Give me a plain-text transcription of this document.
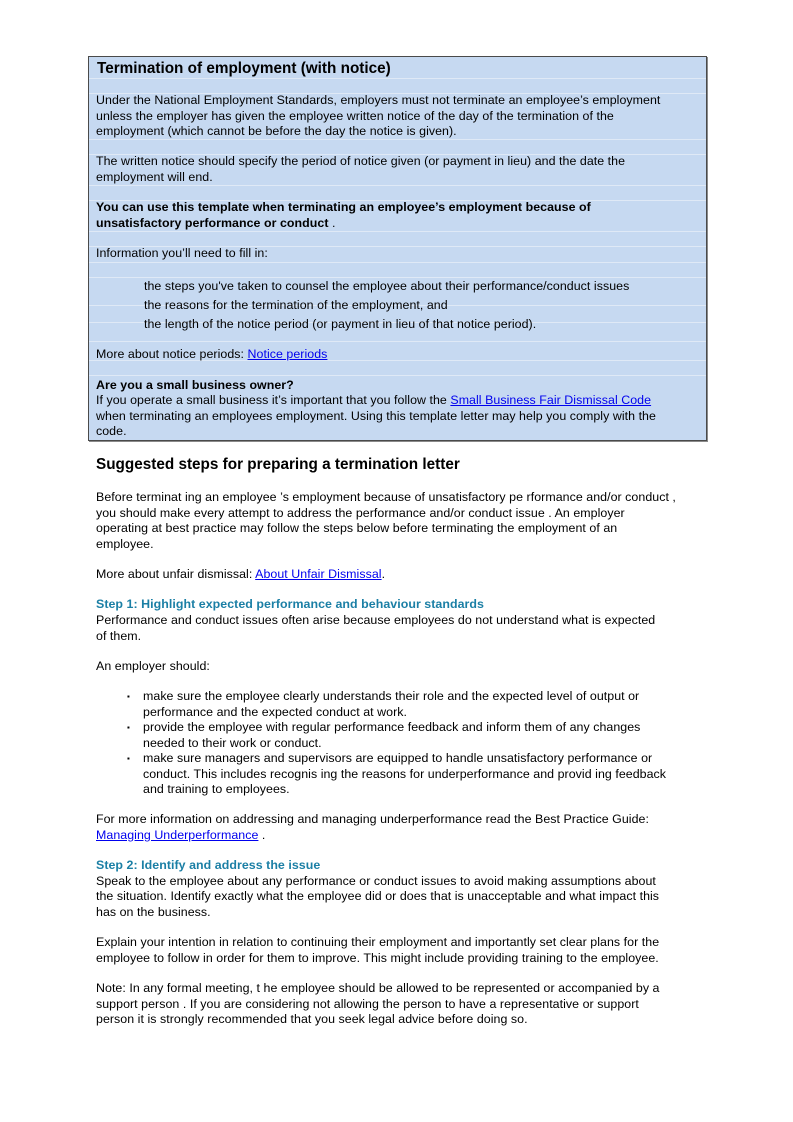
Termination of employment (with notice)
Under the National Employment Standards, employers must not terminate an employee’s employment
unless the employer has given the employee written notice of the day of the termination of the
employment (which cannot be before the day the notice is given).
The written notice should specify the period of notice given (or payment in lieu) and the date the
employment will end.
You can use this template when terminating an employee’s employment because of
unsatisfactory performance or conduct .
Information you’ll need to fill in:
the steps you've taken to counsel the employee about their performance/conduct issues
the reasons for the termination of the employment, and
the length of the notice period (or payment in lieu of that notice period).
More about notice periods: Notice periods
Are you a small business owner?
If you operate a small business it’s important that you follow the Small Business Fair Dismissal Code
when terminating an employees employment. Using this template letter may help you comply with the
code.
Suggested steps for preparing a termination letter
Before terminat ing an employee ’s employment because of unsatisfactory pe rformance and/or conduct ,
you should make every attempt to address the performance and/or conduct issue . An employer
operating at best practice may follow the steps below before terminating the employment of an
employee.
More about unfair dismissal: About Unfair Dismissal.
Step 1: Highlight expected performance and behaviour standards
Performance and conduct issues often arise because employees do not understand what is expected
of them.
An employer should:
▪ make sure the employee clearly understands their role and the expected level of output or
performance and the expected conduct at work.
▪ provide the employee with regular performance feedback and inform them of any changes
needed to their work or conduct.
▪ make sure managers and supervisors are equipped to handle unsatisfactory performance or
conduct. This includes recognis ing the reasons for underperformance and provid ing feedback
and training to employees.
For more information on addressing and managing underperformance read the Best Practice Guide:
Managing Underperformance .
Step 2: Identify and address the issue
Speak to the employee about any performance or conduct issues to avoid making assumptions about
the situation. Identify exactly what the employee did or does that is unacceptable and what impact this
has on the business.
Explain your intention in relation to continuing their employment and importantly set clear plans for the
employee to follow in order for them to improve. This might include providing training to the employee.
Note: In any formal meeting, t he employee should be allowed to be represented or accompanied by a
support person . If you are considering not allowing the person to have a representative or support
person it is strongly recommended that you seek legal advice before doing so.
